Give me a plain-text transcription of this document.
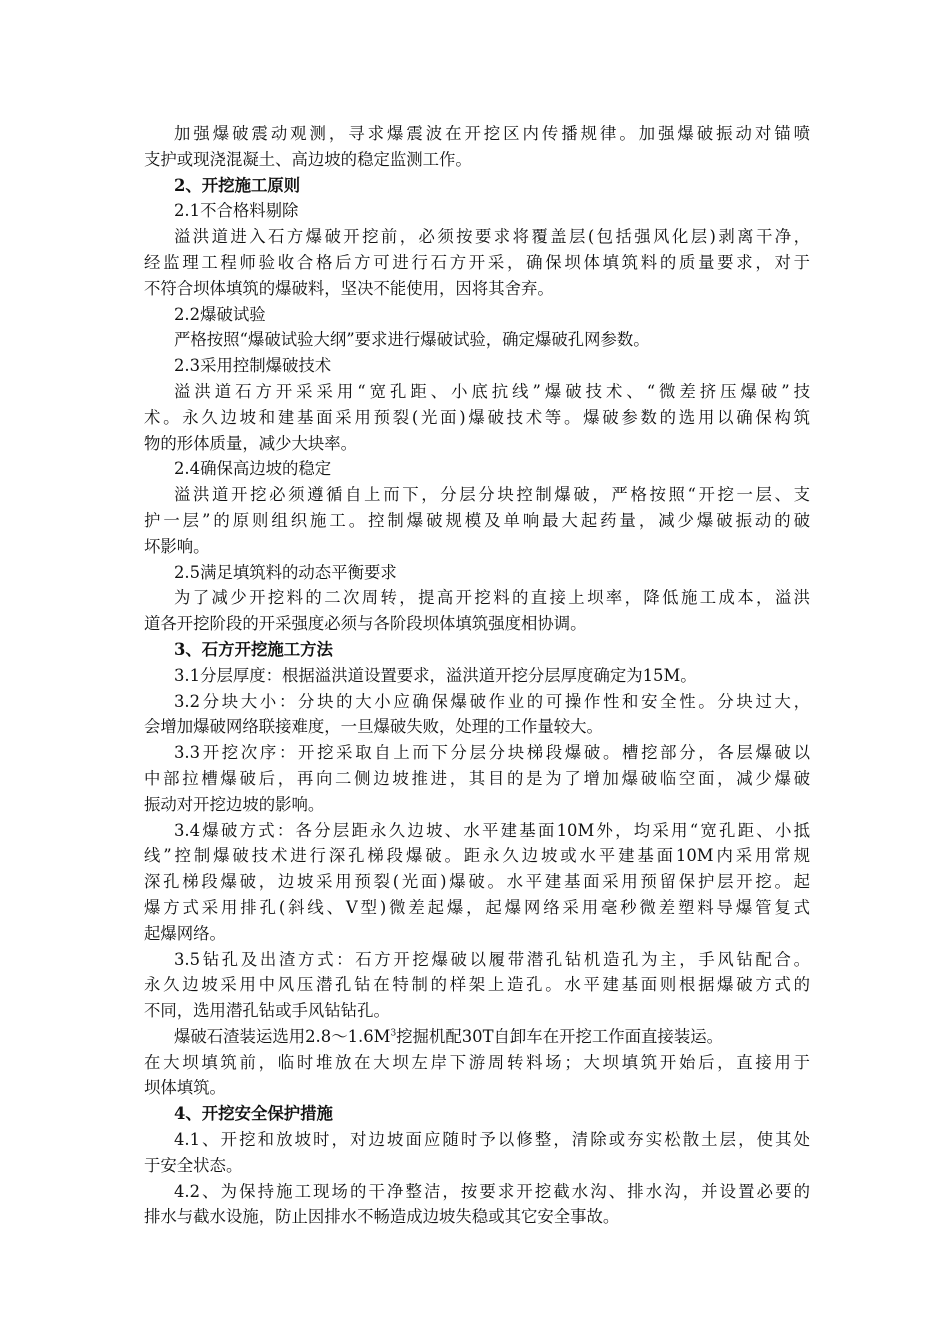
加强爆破震动观测，寻求爆震波在开挖区内传播规律。加强爆破振动对锚喷
支护或现浇混凝土、高边坡的稳定监测工作。
2、开挖施工原则
2.1不合格料剔除
溢洪道进入石方爆破开挖前，必须按要求将覆盖层(包括强风化层)剥离干净，
经监理工程师验收合格后方可进行石方开采，确保坝体填筑料的质量要求，对于
不符合坝体填筑的爆破料，坚决不能使用，因将其舍弃。
2.2爆破试验
严格按照“爆破试验大纲”要求进行爆破试验，确定爆破孔网参数。
2.3采用控制爆破技术
溢洪道石方开采采用“宽孔距、小底抗线”爆破技术、“微差挤压爆破”技
术。永久边坡和建基面采用预裂(光面)爆破技术等。爆破参数的选用以确保构筑
物的形体质量，减少大块率。
2.4确保高边坡的稳定
溢洪道开挖必须遵循自上而下，分层分块控制爆破，严格按照“开挖一层、支
护一层”的原则组织施工。控制爆破规模及单响最大起药量，减少爆破振动的破
坏影响。
2.5满足填筑料的动态平衡要求
为了减少开挖料的二次周转，提高开挖料的直接上坝率，降低施工成本，溢洪
道各开挖阶段的开采强度必须与各阶段坝体填筑强度相协调。
3、石方开挖施工方法
3.1分层厚度：根据溢洪道设置要求，溢洪道开挖分层厚度确定为15M。
3.2分块大小：分块的大小应确保爆破作业的可操作性和安全性。分块过大，
会增加爆破网络联接难度，一旦爆破失败，处理的工作量较大。
3.3开挖次序：开挖采取自上而下分层分块梯段爆破。槽挖部分，各层爆破以
中部拉槽爆破后，再向二侧边坡推进，其目的是为了增加爆破临空面，减少爆破
振动对开挖边坡的影响。
3.4爆破方式：各分层距永久边坡、水平建基面10M外，均采用“宽孔距、小抵
线”控制爆破技术进行深孔梯段爆破。距永久边坡或水平建基面10M内采用常规
深孔梯段爆破，边坡采用预裂(光面)爆破。水平建基面采用预留保护层开挖。起
爆方式采用排孔(斜线、V型)微差起爆，起爆网络采用毫秒微差塑料导爆管复式
起爆网络。
3.5钻孔及出渣方式：石方开挖爆破以履带潜孔钻机造孔为主，手风钻配合。
永久边坡采用中风压潜孔钻在特制的样架上造孔。水平建基面则根据爆破方式的
不同，选用潜孔钻或手风钻钻孔。
爆破石渣装运选用$2.8\sim 1.6M^3$挖掘机配30T自卸车在开挖工作面直接装运。
在大坝填筑前，临时堆放在大坝左岸下游周转料场；大坝填筑开始后，直接用于
坝体填筑。
4、开挖安全保护措施
4.1、开挖和放坡时，对边坡面应随时予以修整，清除或夯实松散土层，使其处
于安全状态。
4.2、为保持施工现场的干净整洁，按要求开挖截水沟、排水沟，并设置必要的
排水与截水设施，防止因排水不畅造成边坡失稳或其它安全事故。
